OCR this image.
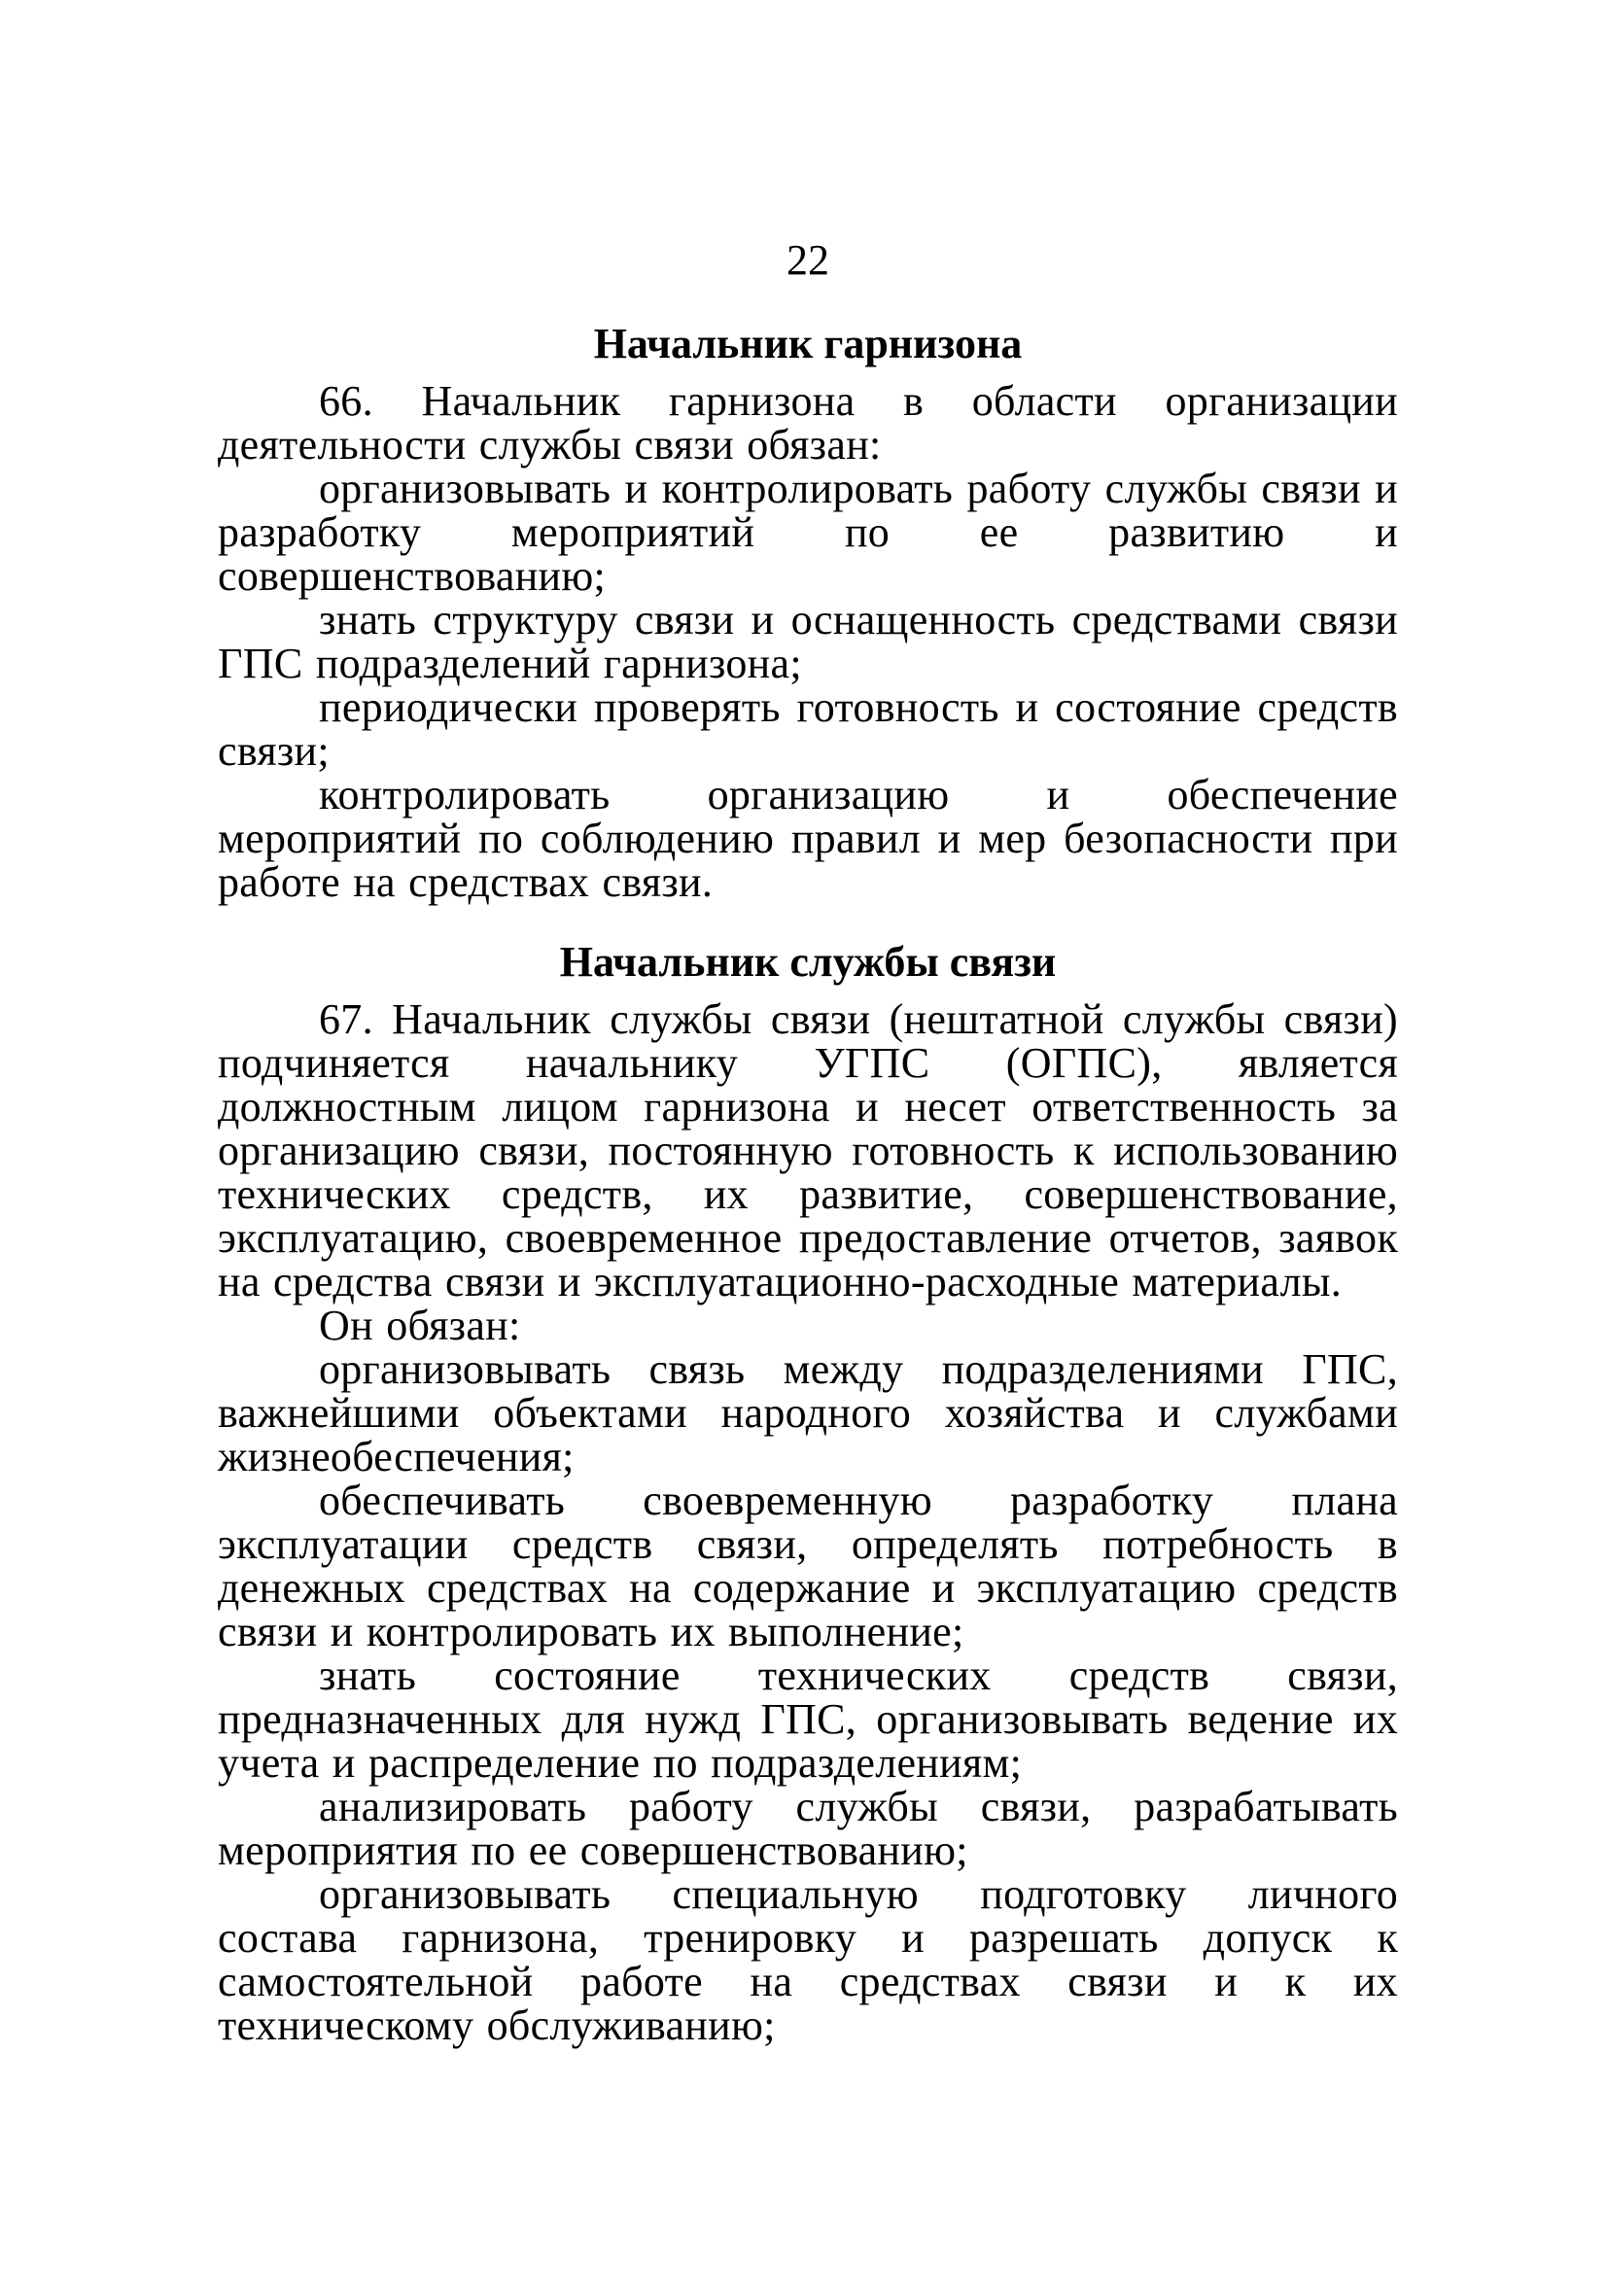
22
Начальник гарнизона

66. Начальник гарнизона в области организации деятельности службы связи обязан:

организовывать и контролировать работу службы связи и разработку мероприятий по ее развитию и совершенствованию;

знать структуру связи и оснащенность средствами связи ГПС подразделений гарнизона;

периодически проверять готовность и состояние средств связи;

контролировать организацию и обеспечение мероприятий по соблюдению правил и мер безопасности при работе на средствах связи.

Начальник службы связи

67. Начальник службы связи (нештатной службы связи) подчиняется начальнику УГПС (ОГПС), является должностным лицом гарнизона и несет ответственность за организацию связи, постоянную готовность к использованию технических средств, их развитие, совершенствование, эксплуатацию, своевременное предоставление отчетов, заявок на средства связи и эксплуатационно-расходные материалы.

Он обязан:

организовывать связь между подразделениями ГПС, важнейшими объектами народного хозяйства и службами жизнеобеспечения;

обеспечивать своевременную разработку плана эксплуатации средств связи, определять потребность в денежных средствах на содержание и эксплуатацию средств связи и контролировать их выполнение;

знать состояние технических средств связи, предназначенных для нужд ГПС, организовывать ведение их учета и распределение по подразделениям;

анализировать работу службы связи, разрабатывать мероприятия по ее совершенствованию;

организовывать специальную подготовку личного состава гарнизона, тренировку и разрешать допуск к самостоятельной работе на средствах связи и к их техническому обслуживанию;
